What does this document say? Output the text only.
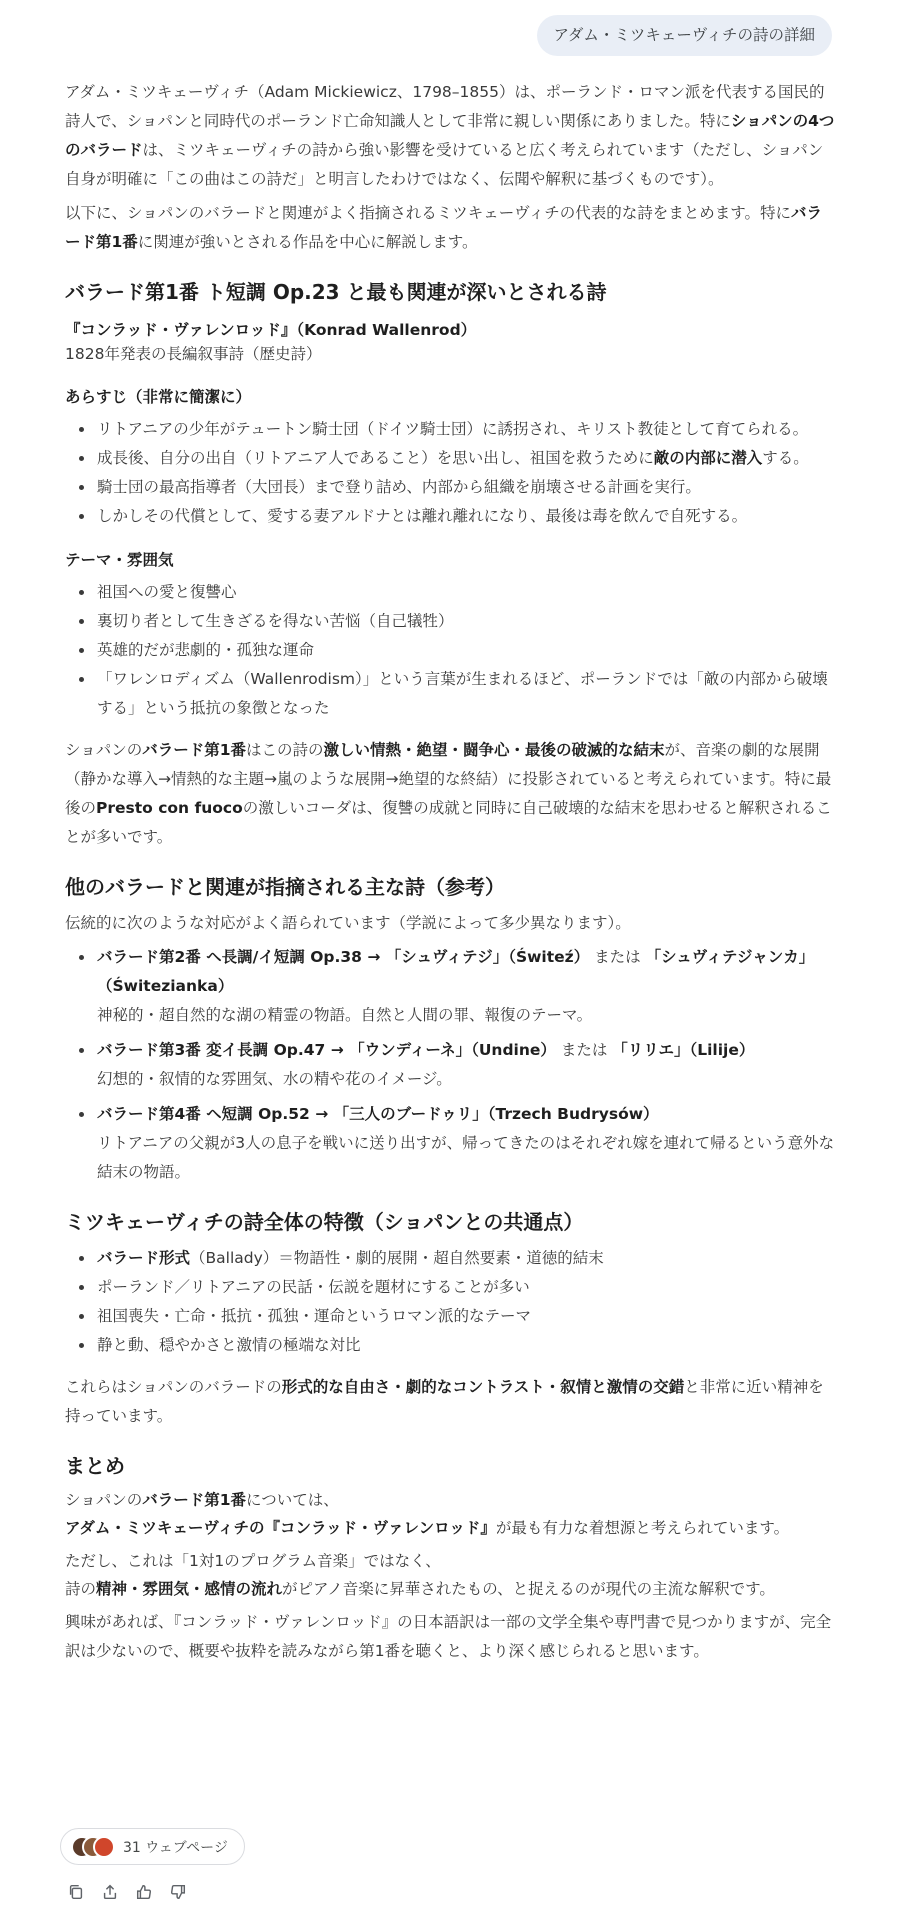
アダム・ミツキェーヴィチの詩の詳細

アダム・ミツキェーヴィチ（Adam Mickiewicz、1798–1855）は、ポーランド・ロマン派を代表する国民的詩人で、ショパンと同時代のポーランド亡命知識人として非常に親しい関係にありました。特にショパンの4つのバラードは、ミツキェーヴィチの詩から強い影響を受けていると広く考えられています（ただし、ショパン自身が明確に「この曲はこの詩だ」と明言したわけではなく、伝聞や解釈に基づくものです）。

以下に、ショパンのバラードと関連がよく指摘されるミツキェーヴィチの代表的な詩をまとめます。特にバラード第1番に関連が強いとされる作品を中心に解説します。

バラード第1番 ト短調 Op.23 と最も関連が深いとされる詩
『コンラッド・ヴァレンロッド』（Konrad Wallenrod）
1828年発表の長編叙事詩（歴史詩）
あらすじ（非常に簡潔に）
リトアニアの少年がテュートン騎士団（ドイツ騎士団）に誘拐され、キリスト教徒として育てられる。
成長後、自分の出自（リトアニア人であること）を思い出し、祖国を救うために敵の内部に潜入する。
騎士団の最高指導者（大団長）まで登り詰め、内部から組織を崩壊させる計画を実行。
しかしその代償として、愛する妻アルドナとは離れ離れになり、最後は毒を飲んで自死する。
テーマ・雰囲気
祖国への愛と復讐心
裏切り者として生きざるを得ない苦悩（自己犠牲）
英雄的だが悲劇的・孤独な運命
「ワレンロディズム（Wallenrodism）」という言葉が生まれるほど、ポーランドでは「敵の内部から破壊する」という抵抗の象徴となった

ショパンのバラード第1番はこの詩の激しい情熱・絶望・闘争心・最後の破滅的な結末が、音楽の劇的な展開（静かな導入→情熱的な主題→嵐のような展開→絶望的な終結）に投影されていると考えられています。特に最後のPresto con fuocoの激しいコーダは、復讐の成就と同時に自己破壊的な結末を思わせると解釈されることが多いです。

他のバラードと関連が指摘される主な詩（参考）

伝統的に次のような対応がよく語られています（学説によって多少異なります）。

バラード第2番 ヘ長調/イ短調 Op.38 → 「シュヴィテジ」（Świteź） または 「シュヴィテジャンカ」（Świtezianka）
神秘的・超自然的な湖の精霊の物語。自然と人間の罪、報復のテーマ。
バラード第3番 変イ長調 Op.47 → 「ウンディーネ」（Undine） または 「リリエ」（Lilije）
幻想的・叙情的な雰囲気、水の精や花のイメージ。
バラード第4番 ヘ短調 Op.52 → 「三人のブードゥリ」（Trzech Budrysów）
リトアニアの父親が3人の息子を戦いに送り出すが、帰ってきたのはそれぞれ嫁を連れて帰るという意外な結末の物語。
ミツキェーヴィチの詩全体の特徴（ショパンとの共通点）
バラード形式（Ballady）＝物語性・劇的展開・超自然要素・道徳的結末
ポーランド／リトアニアの民話・伝説を題材にすることが多い
祖国喪失・亡命・抵抗・孤独・運命というロマン派的なテーマ
静と動、穏やかさと激情の極端な対比

これらはショパンのバラードの形式的な自由さ・劇的なコントラスト・叙情と激情の交錯と非常に近い精神を持っています。

まとめ
ショパンのバラード第1番については、
アダム・ミツキェーヴィチの『コンラッド・ヴァレンロッド』が最も有力な着想源と考えられています。
ただし、これは「1対1のプログラム音楽」ではなく、
詩の精神・雰囲気・感情の流れがピアノ音楽に昇華されたもの、と捉えるのが現代の主流な解釈です。

興味があれば、『コンラッド・ヴァレンロッド』の日本語訳は一部の文学全集や専門書で見つかりますが、完全訳は少ないので、概要や抜粋を読みながら第1番を聴くと、より深く感じられると思います。

31 ウェブページ
